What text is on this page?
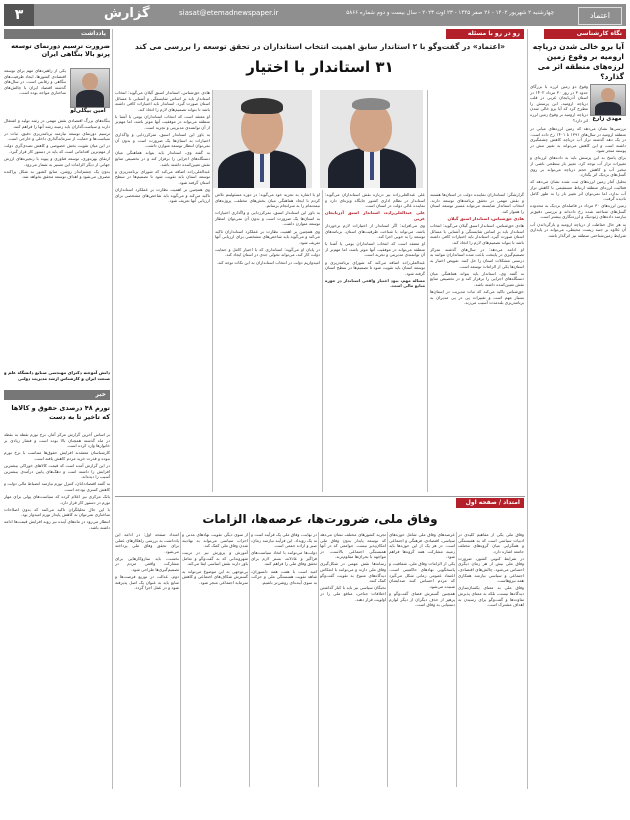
۳	گزارش	siasat@etemadnewspaper.ir	چهارشنبه ۲ شهریور ۱۴۰۲ - ۲۶ صفر ۱۴۴۵ - ۲۳ اوت ۲۰۲۳ - سال بیست و دوم شماره ۵۸۶۶	اعتماد
نگاه کارشناسی
آیا برو خالی شدن دریاچه ارومیه بر وقوع زمین لرزه‌های منطقه اثر می گذارد؟
مهدی زارع

وقوع دو زمین لرزه با بزرگای حدود ۳ در روز ۳۰ مرداد ۱۴۰۲ در استان آذربایجان غربی در قلب دریاچه ارومیه، این پرسش را مطرح کرد که آیا برو خالی شدن دریاچه ارومیه بر وقوع زمین لرزه اثر دارد؟

بررسی‌ها نشان می‌دهد که زمین لرزه‌های میانی در منطقه ارومیه در سال‌های ۱۳۹۱ تا ۱۴۰۱ رخ داده است. در یک دهه گذشته تراز آب دریاچه کاهش چشمگیری داشته است و این کاهش می‌تواند به تغییر تنش در پوسته منجر شود.

برای پاسخ به این پرسش باید به داده‌های لرزه‌ای و تغییرات تراز آب توجه کرد. تغییر بار سطحی ناشی از تبخیر آب و کاهش حجم دریاچه می‌تواند بر روی گسل‌های نزدیک اثر بگذارد.

تحلیل آمار زمین لرزه‌های ثبت شده نشان می‌دهد که فعالیت لرزه‌ای منطقه ارتباط مستقیمی با کاهش تراز آب ندارد، اما نمی‌توان اثر تغییر بار را به طور کامل نادیده گرفت.

زمین لرزه‌های ۳۰ مرداد در فاصله‌ای نزدیک به محدوده گسل‌های شناخته شده رخ داده‌اند و بررسی دقیق‌تر نیازمند داده‌های ژئودتیک و لرزه‌نگاری بیشتر است.

به هر حال حفاظت از دریاچه ارومیه و بازگرداندن آب آن علاوه بر جنبه زیست محیطی، می‌تواند در پایداری شرایط زمین‌شناختی منطقه نیز اثرگذار باشد.

رو در رو با مسئله
«اعتماد» در گفت‌وگو با ۲ استاندار سابق اهمیت انتخاب استانداران در تحقق توسعه را بررسی می کند
۳۱ استاندار با اختیار

گزارشگر: استانداران نماینده دولت در استان‌ها هستند و نقش مهمی در تحقق برنامه‌های توسعه دارند. انتخاب استاندار شایسته می‌تواند مسیر توسعه استان را هموار کند.

هادی حق‌شناس، استاندار اسبق گیلان

هادی حق‌شناس، استاندار اسبق گیلان می‌گوید: انتخاب استاندار باید بر اساس شایستگی و آشنایی با مسائل استان صورت گیرد. استاندار باید اختیارات کافی داشته باشد تا بتواند تصمیم‌های لازم را اتخاذ کند.

او ادامه می‌دهد: در سال‌های گذشته تمرکز تصمیم‌گیری در پایتخت باعث شده استانداران نتوانند به درستی مشکلات استان را حل کنند. تفویض اختیار به استان‌ها یکی از الزامات توسعه است.

به گفته وی، استاندار باید بتواند هماهنگی میان دستگاه‌های اجرایی را برقرار کند و در تخصیص منابع نقش تعیین‌کننده داشته باشد.

حق‌شناس تاکید می‌کند که ثبات مدیریت در استان‌ها بسیار مهم است و تغییرات پی در پی مدیران به برنامه‌ریزی بلندمدت آسیب می‌زند.

علی عبدالعلی‌زاده نیز درباره نقش استانداران می‌گوید: استاندار در نظام اداری کشور جایگاه ویژه‌ای دارد و نماینده عالی دولت در استان است.

علی عبدالعلی‌زاده، استاندار اسبق آذربایجان غربی

وی می‌افزاید: اگر استاندار از اختیارات لازم برخوردار باشد، می‌تواند با شناخت ظرفیت‌های استان، برنامه‌های توسعه را به خوبی اجرا کند.

او معتقد است که انتخاب استانداران بومی یا آشنا با منطقه می‌تواند در موفقیت آنها موثر باشد، اما مهم‌تر از آن توانمندی مدیریتی و تجربه است.

عبدالعلی‌زاده اضافه می‌کند که شورای برنامه‌ریزی و توسعه استان باید تقویت شود تا تصمیم‌ها در سطح استان گرفته شود.

مساله مهم، نبود اختیار واقعی استاندار در حوزه منابع مالی است.

او با اشاره به تجربه خود می‌گوید: در دوره مسئولیتم تلاش کردم با ایجاد هماهنگی میان بخش‌های مختلف، پروژه‌های نیمه‌تمام را به سرانجام برسانم.

به باور این استاندار اسبق، تمرکززدایی و واگذاری اختیارات به استان‌ها یک ضرورت است و بدون آن نمی‌توان انتظار توسعه متوازن داشت.

وی همچنین بر اهمیت نظارت بر عملکرد استانداران تاکید می‌کند و می‌گوید باید شاخص‌های مشخصی برای ارزیابی آنها تعریف شود.

در پایان او می‌گوید: استانداری که با اختیار کامل و حمایت دولت کار کند، می‌تواند تحولی جدی در استان ایجاد کند.

امیدواریم دولت در انتخاب استانداران به این نکات توجه کند.

هادی حق‌شناس، استاندار اسبق گیلان می‌گوید: انتخاب استاندار باید بر اساس شایستگی و آشنایی با مسائل استان صورت گیرد. استاندار باید اختیارات کافی داشته باشد تا بتواند تصمیم‌های لازم را اتخاذ کند.

او معتقد است که انتخاب استانداران بومی یا آشنا با منطقه می‌تواند در موفقیت آنها موثر باشد، اما مهم‌تر از آن توانمندی مدیریتی و تجربه است.

به باور این استاندار اسبق، تمرکززدایی و واگذاری اختیارات به استان‌ها یک ضرورت است و بدون آن نمی‌توان انتظار توسعه متوازن داشت.

به گفته وی، استاندار باید بتواند هماهنگی میان دستگاه‌های اجرایی را برقرار کند و در تخصیص منابع نقش تعیین‌کننده داشته باشد.

عبدالعلی‌زاده اضافه می‌کند که شورای برنامه‌ریزی و توسعه استان باید تقویت شود تا تصمیم‌ها در سطح استان گرفته شود.

وی همچنین بر اهمیت نظارت بر عملکرد استانداران تاکید می‌کند و می‌گوید باید شاخص‌های مشخصی برای ارزیابی آنها تعریف شود.

امتداد / صفحه اول
وفاق ملی، ضرورت‌ها، عرصه‌ها، الزامات

وفاق ملی یکی از مفاهیم کلیدی در ادبیات سیاسی است که به همبستگی و همگرایی میان گروه‌های مختلف جامعه اشاره دارد.

در شرایط کنونی کشور، ضرورت وفاق ملی بیش از هر زمان دیگری احساس می‌شود. چالش‌های اقتصادی، اجتماعی و سیاسی نیازمند همکاری همه نیروهاست.

وفاق ملی به معنای یکسان‌سازی دیدگاه‌ها نیست، بلکه به معنای پذیرش تفاوت‌ها و گفت‌وگو برای رسیدن به اهداف مشترک است.

عرصه‌های وفاق ملی شامل حوزه‌های سیاسی، اقتصادی، فرهنگی و اجتماعی است. در هر یک از این حوزه‌ها باید زمینه مشارکت همه گروه‌ها فراهم شود.

یکی از الزامات وفاق ملی، شفافیت و پاسخگویی نهادهای حاکمیتی است. اعتماد عمومی زمانی شکل می‌گیرد که مردم احساس کنند صدایشان شنیده می‌شود.

همچنین گسترش فضای گفت‌وگو و پرهیز از حذف دیگران از دیگر لوازم دستیابی به وفاق است.

تجربه کشورهای مختلف نشان می‌دهد که توسعه پایدار بدون وفاق ملی امکان‌پذیر نیست. جوامعی که در آنها همبستگی اجتماعی بالاست، در مواجهه با بحران‌ها مقاوم‌ترند.

رسانه‌ها نقش مهمی در شکل‌گیری وفاق ملی دارند و می‌توانند با انعکاس دیدگاه‌های متنوع به تقویت گفت‌وگو کمک کنند.

نخبگان سیاسی نیز باید با کنار گذاشتن اختلافات جناحی، منافع ملی را در اولویت قرار دهند.

در نهایت، وفاق ملی یک فرآیند است و نه یک رویداد. این فرآیند نیازمند زمان، صبر و اراده جمعی است.

دولت‌ها می‌توانند با اتخاذ سیاست‌های فراگیر و عادلانه، بستر لازم برای تحقق وفاق ملی را فراهم کنند.

امید است با همت همه دلسوزان، شاهد تقویت همبستگی ملی و حرکت به سوی آینده‌ای روشن‌تر باشیم.

از سوی دیگر، تقویت نهادهای مدنی و احزاب سیاسی می‌تواند به نهادینه شدن وفاق ملی کمک کند.

آموزش و پرورش نیز در تربیت شهروندانی که به گفت‌وگو و تعامل باور دارند نقش اساسی ایفا می‌کند.

بی‌توجهی به این موضوع می‌تواند به گسترش شکاف‌های اجتماعی و کاهش سرمایه اجتماعی منجر شود.

امتداد صفحه اول: در ادامه این یادداشت به بررسی راهکارهای عملی برای تحقق وفاق ملی پرداخته می‌شود.

نخست، باید سازوکارهایی برای مشارکت واقعی مردم در تصمیم‌گیری‌ها طراحی شود.

دوم، عدالت در توزیع فرصت‌ها و منابع باید به عنوان یک اصل پذیرفته شود و در عمل اجرا گردد.

یادداشت
ضرورت ترسیم دورنمای توسعه پرتو بالا بنگاهی ایران
امین بیگلی‌لو

یکی از راهبردهای مهم برای توسعه اقتصادی کشورها، ایجاد ظرفیت‌های بنگاهی و رقابتی است. در سال‌های گذشته اقتصاد ایران با چالش‌های ساختاری مواجه بوده است.

بنگاه‌های بزرگ اقتصادی نقش مهمی در رشد تولید و اشتغال دارند و سیاست‌گذاران باید زمینه رشد آنها را فراهم کنند.

ترسیم دورنمای توسعه نیازمند برنامه‌ریزی دقیق، ثبات در سیاست‌ها و حمایت از سرمایه‌گذاری داخلی و خارجی است.

در این میان تقویت بخش خصوصی و کاهش تصدی‌گری دولت از مهم‌ترین اقداماتی است که باید در دستور کار قرار گیرد.

ارتقای بهره‌وری، توسعه فناوری و پیوند با زنجیره‌های ارزش جهانی از دیگر الزامات این مسیر به شمار می‌رود.

بدون یک چشم‌انداز روشن، منابع کشور به شکل پراکنده مصرف می‌شود و اهداف توسعه محقق نخواهد شد.

دانش آموخته دکترای مهندسی صنایع دانشگاه علم و صنعت ایران و کارشناس ارشد مدیریت دولتی
خبر
تورم ۴۸ درصدی حقوق و کالاها که تاخیر تا به دست

بر اساس آخرین گزارش مرکز آمار، نرخ تورم نقطه به نقطه در ماه گذشته همچنان بالا بوده است و فشار زیادی بر خانوارها وارد کرده است.

کارشناسان معتقدند افزایش حقوق‌ها متناسب با نرخ تورم نبوده و قدرت خرید مردم کاهش یافته است.

در این گزارش آمده است که قیمت کالاهای خوراکی بیشترین افزایش را داشته است و دهک‌های پایین درآمدی بیشترین آسیب را دیده‌اند.

به گفته اقتصاددانان، کنترل تورم نیازمند انضباط مالی دولت و کاهش کسری بودجه است.

بانک مرکزی نیز اعلام کرده که سیاست‌های پولی برای مهار تورم در دستور کار قرار دارد.

با این حال تحلیلگران تاکید می‌کنند که بدون اصلاحات ساختاری نمی‌توان به کاهش پایدار تورم امیدوار بود.

انتظار می‌رود در ماه‌های آینده نیز روند افزایش قیمت‌ها ادامه داشته باشد.
